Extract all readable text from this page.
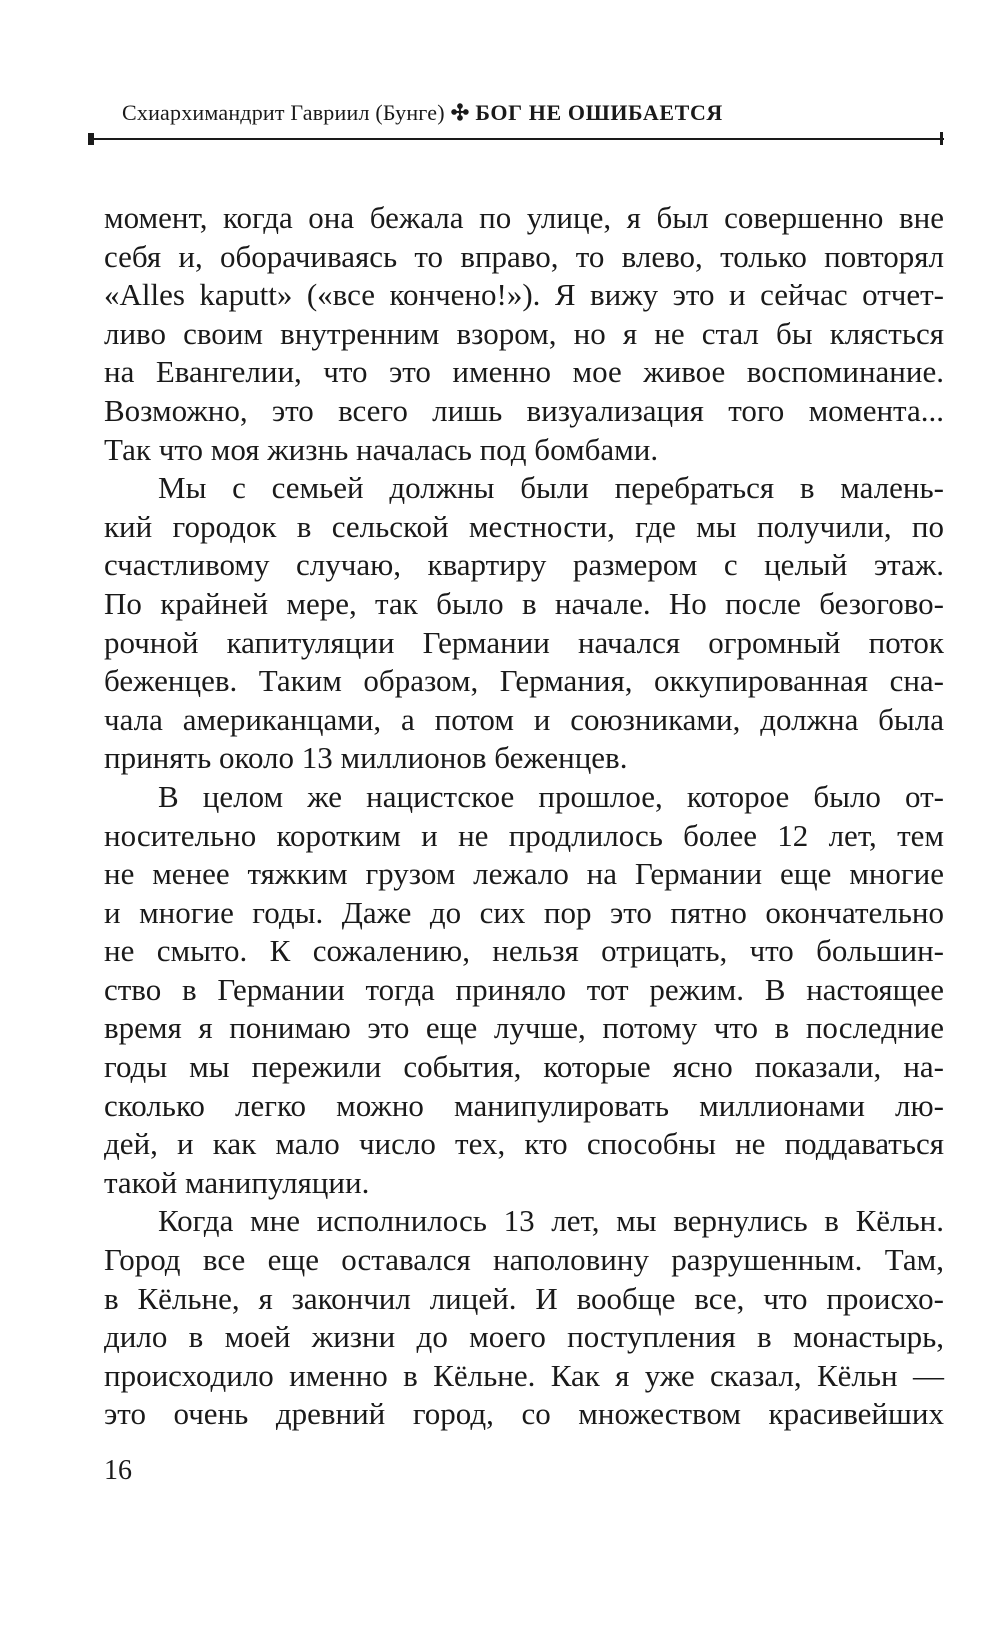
Схиархимандрит Гавриил (Бунге) ✣ БОГ НЕ ОШИБАЕТСЯ
момент, когда она бежала по улице, я был совершенно вне
себя и, оборачиваясь то вправо, то влево, только повторял
«Alles kaputt» («все кончено!»). Я вижу это и сейчас отчет-
ливо своим внутренним взором, но я не стал бы клясться
на Евангелии, что это именно мое живое воспоминание.
Возможно, это всего лишь визуализация того момента...
Так что моя жизнь началась под бомбами.
Мы с семьей должны были перебраться в малень-
кий городок в сельской местности, где мы получили, по
счастливому случаю, квартиру размером с целый этаж.
По крайней мере, так было в начале. Но после безогово-
рочной капитуляции Германии начался огромный поток
беженцев. Таким образом, Германия, оккупированная сна-
чала американцами, а потом и союзниками, должна была
принять около 13 миллионов беженцев.
В целом же нацистское прошлое, которое было от-
носительно коротким и не продлилось более 12 лет, тем
не менее тяжким грузом лежало на Германии еще многие
и многие годы. Даже до сих пор это пятно окончательно
не смыто. К сожалению, нельзя отрицать, что большин-
ство в Германии тогда приняло тот режим. В настоящее
время я понимаю это еще лучше, потому что в последние
годы мы пережили события, которые ясно показали, на-
сколько легко можно манипулировать миллионами лю-
дей, и как мало число тех, кто способны не поддаваться
такой манипуляции.
Когда мне исполнилось 13 лет, мы вернулись в Кёльн.
Город все еще оставался наполовину разрушенным. Там,
в Кёльне, я закончил лицей. И вообще все, что происхо-
дило в моей жизни до моего поступления в монастырь,
происходило именно в Кёльне. Как я уже сказал, Кёльн —
это очень древний город, со множеством красивейших
16
